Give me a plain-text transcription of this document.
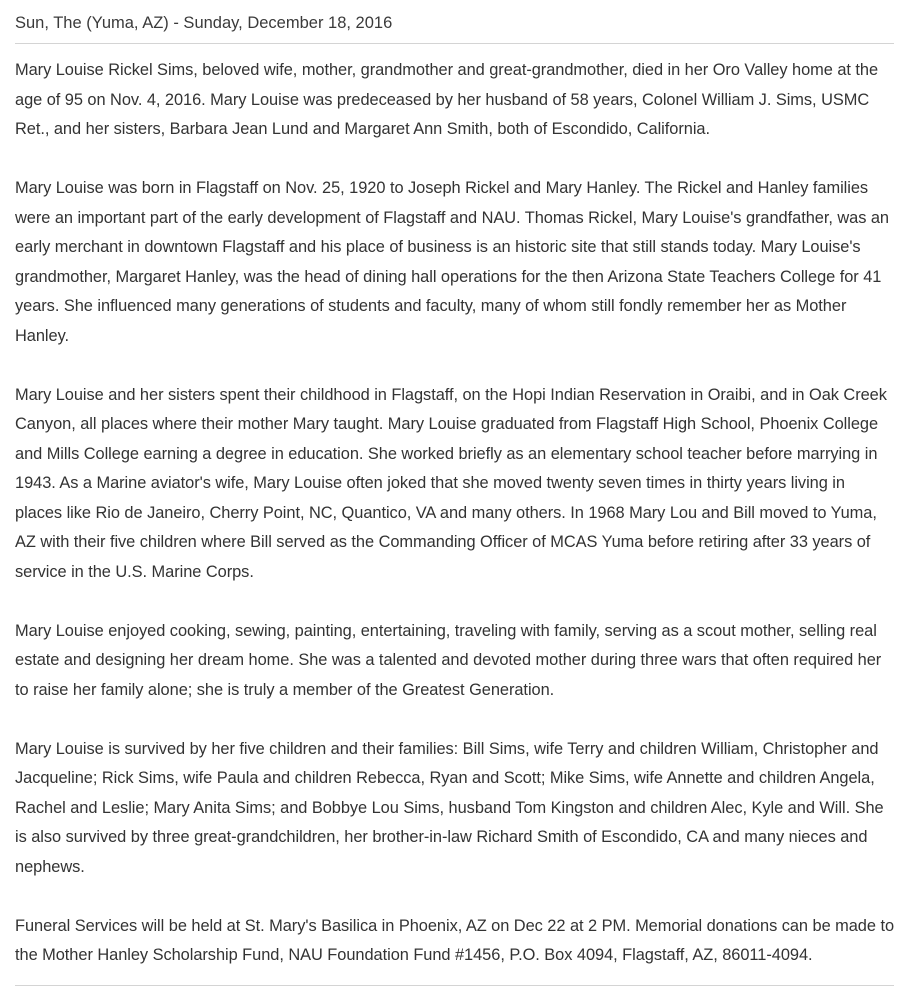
Sun, The (Yuma, AZ) - Sunday, December 18, 2016

Mary Louise Rickel Sims, beloved wife, mother, grandmother and great-grandmother, died in her Oro Valley home at the age of 95 on Nov. 4, 2016. Mary Louise was predeceased by her husband of 58 years, Colonel William J. Sims, USMC Ret., and her sisters, Barbara Jean Lund and Margaret Ann Smith, both of Escondido, California.

Mary Louise was born in Flagstaff on Nov. 25, 1920 to Joseph Rickel and Mary Hanley. The Rickel and Hanley families were an important part of the early development of Flagstaff and NAU. Thomas Rickel, Mary Louise's grandfather, was an early merchant in downtown Flagstaff and his place of business is an historic site that still stands today. Mary Louise's grandmother, Margaret Hanley, was the head of dining hall operations for the then Arizona State Teachers College for 41 years. She influenced many generations of students and faculty, many of whom still fondly remember her as Mother Hanley.

Mary Louise and her sisters spent their childhood in Flagstaff, on the Hopi Indian Reservation in Oraibi, and in Oak Creek Canyon, all places where their mother Mary taught. Mary Louise graduated from Flagstaff High School, Phoenix College and Mills College earning a degree in education. She worked briefly as an elementary school teacher before marrying in 1943. As a Marine aviator's wife, Mary Louise often joked that she moved twenty seven times in thirty years living in places like Rio de Janeiro, Cherry Point, NC, Quantico, VA and many others. In 1968 Mary Lou and Bill moved to Yuma, AZ with their five children where Bill served as the Commanding Officer of MCAS Yuma before retiring after 33 years of service in the U.S. Marine Corps.

Mary Louise enjoyed cooking, sewing, painting, entertaining, traveling with family, serving as a scout mother, selling real estate and designing her dream home. She was a talented and devoted mother during three wars that often required her to raise her family alone; she is truly a member of the Greatest Generation.

Mary Louise is survived by her five children and their families: Bill Sims, wife Terry and children William, Christopher and Jacqueline; Rick Sims, wife Paula and children Rebecca, Ryan and Scott; Mike Sims, wife Annette and children Angela, Rachel and Leslie; Mary Anita Sims; and Bobbye Lou Sims, husband Tom Kingston and children Alec, Kyle and Will. She is also survived by three great-grandchildren, her brother-in-law Richard Smith of Escondido, CA and many nieces and nephews.

Funeral Services will be held at St. Mary's Basilica in Phoenix, AZ on Dec 22 at 2 PM. Memorial donations can be made to the Mother Hanley Scholarship Fund, NAU Foundation Fund #1456, P.O. Box 4094, Flagstaff, AZ, 86011-4094.
